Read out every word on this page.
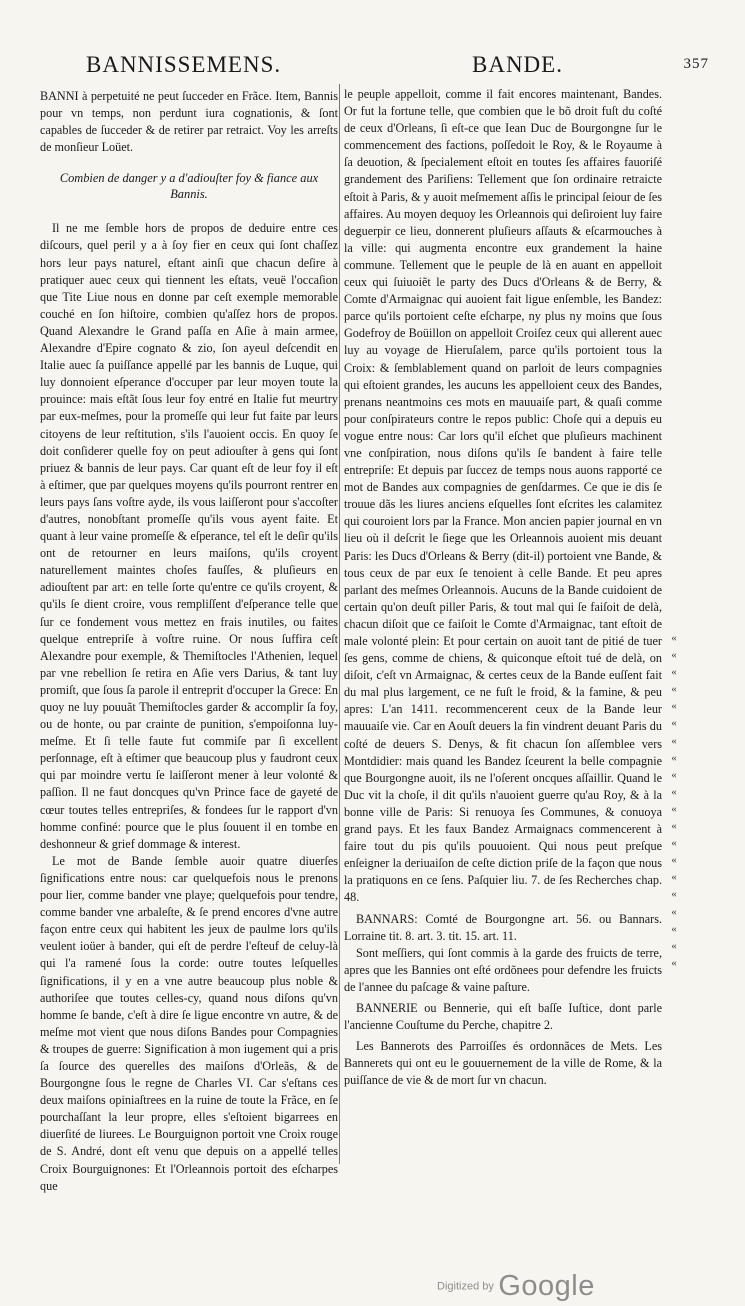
BANNISSEMENS.	BANDE.	357

BANNI à perpetuité ne peut ſucceder en Frãce. Item, Bannis pour vn temps, non perdunt iura cognationis, & ſont capables de ſucceder & de retirer par retraict. Voy les arreſts de monſieur Loüet.

Combien de danger y a d'adiouſter foy & fiance aux Bannis.

Il ne me ſemble hors de propos de deduire entre ces diſcours, quel peril y a à ſoy fier en ceux qui ſont chaſſez hors leur pays naturel, eſtant ainſi que chacun deſire à pratiquer auec ceux qui tiennent les eſtats, veuë l'occaſion que Tite Liue nous en donne par ceſt exemple memorable couché en ſon hiſtoire, combien qu'aſſez hors de propos. Quand Alexandre le Grand paſſa en Aſie à main armee, Alexandre d'Epire cognato & zio, ſon ayeul deſcendit en Italie auec ſa puiſſance appellé par les bannis de Luque, qui luy donnoient eſperance d'occuper par leur moyen toute la prouince: mais eſtãt ſous leur foy entré en Italie fut meurtry par eux-meſmes, pour la promeſſe qui leur fut faite par leurs citoyens de leur reſtitution, s'ils l'auoient occis. En quoy ſe doit conſiderer quelle foy on peut adiouſter à gens qui ſont priuez & bannis de leur pays. Car quant eſt de leur foy il eſt à eſtimer, que par quelques moyens qu'ils pourront rentrer en leurs pays ſans voſtre ayde, ils vous laiſſeront pour s'accoſter d'autres, nonobſtant promeſſe qu'ils vous ayent faite. Et quant à leur vaine promeſſe & eſperance, tel eſt le deſir qu'ils ont de retourner en leurs maiſons, qu'ils croyent naturellement maintes choſes fauſſes, & pluſieurs en adiouſtent par art: en telle ſorte qu'entre ce qu'ils croyent, & qu'ils ſe dient croire, vous rempliſſent d'eſperance telle que ſur ce fondement vous mettez en frais inutiles, ou faites quelque entrepriſe à voſtre ruine. Or nous ſuffira ceſt Alexandre pour exemple, & Themiſtocles l'Athenien, lequel par vne rebellion ſe retira en Aſie vers Darius, & tant luy promiſt, que ſous ſa parole il entreprit d'occuper la Grece: En quoy ne luy pouuãt Themiſtocles garder & accomplir ſa foy, ou de honte, ou par crainte de punition, s'empoiſonna luy-meſme. Et ſi telle faute fut commiſe par ſi excellent perſonnage, eſt à eſtimer que beaucoup plus y faudront ceux qui par moindre vertu ſe laiſſeront mener à leur volonté & paſſion. Il ne faut doncques qu'vn Prince face de gayeté de cœur toutes telles entrepriſes, & fondees ſur le rapport d'vn homme confiné: pource que le plus ſouuent il en tombe en deshonneur & grief dommage & interest.

Le mot de Bande ſemble auoir quatre diuerſes ſignifications entre nous: car quelquefois nous le prenons pour lier, comme bander vne playe; quelquefois pour tendre, comme bander vne arbaleſte, & ſe prend encores d'vne autre façon entre ceux qui habitent les jeux de paulme lors qu'ils veulent ioüer à bander, qui eſt de perdre l'eſteuf de celuy-là qui l'a ramené ſous la corde: outre toutes leſquelles ſignifications, il y en a vne autre beaucoup plus noble & authoriſee que toutes celles-cy, quand nous diſons qu'vn homme ſe bande, c'eſt à dire ſe ligue encontre vn autre, & de meſme mot vient que nous diſons Bandes pour Compagnies & troupes de guerre: Signification à mon iugement qui a pris ſa ſource des querelles des maiſons d'Orleãs, & de Bourgongne ſous le regne de Charles VI. Car s'eſtans ces deux maiſons opiniaſtrees en la ruine de toute la Frãce, en ſe pourchaſſant la leur propre, elles s'eſtoient bigarrees en diuerſité de liurees. Le Bourguignon portoit vne Croix rouge de S. André, dont eſt venu que depuis on a appellé telles Croix Bourguignones: Et l'Orleannois portoit des eſcharpes que

le peuple appelloit, comme il fait encores maintenant, Bandes. Or fut la fortune telle, que combien que le bõ droit fuſt du coſté de ceux d'Orleans, ſi eſt-ce que Iean Duc de Bourgongne ſur le commencement des factions, poſſedoit le Roy, & le Royaume à ſa deuotion, & ſpecialement eſtoit en toutes ſes affaires fauoriſé grandement des Pariſiens: Tellement que ſon ordinaire retraicte eſtoit à Paris, & y auoit meſmement aſſis le principal ſeiour de ſes affaires. Au moyen dequoy les Orleannois qui deſiroient luy faire deguerpir ce lieu, donnerent pluſieurs aſſauts & eſcarmouches à la ville: qui augmenta encontre eux grandement la haine commune. Tellement que le peuple de là en auant en appelloit ceux qui ſuiuoiẽt le party des Ducs d'Orleans & de Berry, & Comte d'Armaignac qui auoient fait ligue enſemble, les Bandez: parce qu'ils portoient ceſte eſcharpe, ny plus ny moins que ſous Godefroy de Boüillon on appelloit Croiſez ceux qui allerent auec luy au voyage de Hieruſalem, parce qu'ils portoient tous la Croix: & ſemblablement quand on parloit de leurs compagnies qui eſtoient grandes, les aucuns les appelloient ceux des Bandes, prenans neantmoins ces mots en mauuaiſe part, & quaſi comme pour conſpirateurs contre le repos public: Choſe qui a depuis eu vogue entre nous: Car lors qu'il eſchet que pluſieurs machinent vne conſpiration, nous diſons qu'ils ſe bandent à faire telle entrepriſe: Et depuis par ſuccez de temps nous auons rapporté ce mot de Bandes aux compagnies de genſdarmes. Ce que ie dis ſe trouue dãs les liures anciens eſquelles ſont eſcrites les calamitez qui couroient lors par la France. Mon ancien papier journal en vn lieu où il deſcrit le ſiege que les Orleannois auoient mis deuant Paris: les Ducs d'Orleans & Berry (dit-il) portoient vne Bande, & tous ceux de par eux ſe tenoient à celle Bande. Et peu apres parlant des meſmes Orleannois. Aucuns de la Bande cuidoient de certain qu'on deuſt piller Paris, & tout mal qui ſe faiſoit de delà, chacun diſoit que ce faiſoit le Comte d'Armaignac, tant eſtoit de male volonté plein: Et pour certain on auoit tant de pitié de tuer ſes gens, comme de chiens, & quiconque eſtoit tué de delà, on diſoit, c'eſt vn Armaignac, & certes ceux de la Bande euſſent fait du mal plus largement, ce ne fuſt le froid, & la famine, & peu apres: L'an 1411. recommencerent ceux de la Bande leur mauuaiſe vie. Car en Aouſt deuers la fin vindrent deuant Paris du coſté de deuers S. Denys, & fit chacun ſon aſſemblee vers Montdidier: mais quand les Bandez ſceurent la belle compagnie que Bourgongne auoit, ils ne l'oſerent oncques aſſaillir. Quand le Duc vit la choſe, il dit qu'ils n'auoient guerre qu'au Roy, & à la bonne ville de Paris: Si renuoya ſes Communes, & conuoya grand pays. Et les faux Bandez Armaignacs commencerent à faire tout du pis qu'ils pouuoient. Qui nous peut preſque enſeigner la deriuaiſon de ceſte diction priſe de la façon que nous la pratiquons en ce ſens. Paſquier liu. 7. de ſes Recherches chap. 48.

BANNARS: Comté de Bourgongne art. 56. ou Bannars. Lorraine tit. 8. art. 3. tit. 15. art. 11.

Sont meſſiers, qui ſont commis à la garde des fruicts de terre, apres que les Bannies ont eſté ordõnees pour defendre les fruicts de l'annee du paſcage & vaine paſture.

BANNERIE ou Bennerie, qui eſt baſſe Iuſtice, dont parle l'ancienne Couſtume du Perche, chapitre 2.

Les Bannerots des Parroiſſes és ordonnãces de Mets. Les Bannerets qui ont eu le gouuernement de la ville de Rome, & la puiſſance de vie & de mort ſur vn chacun.

«
«
«
«
«
«
«
«
«
«
«
«
«
«
«
«
«
«
«
«
Digitized by Google
